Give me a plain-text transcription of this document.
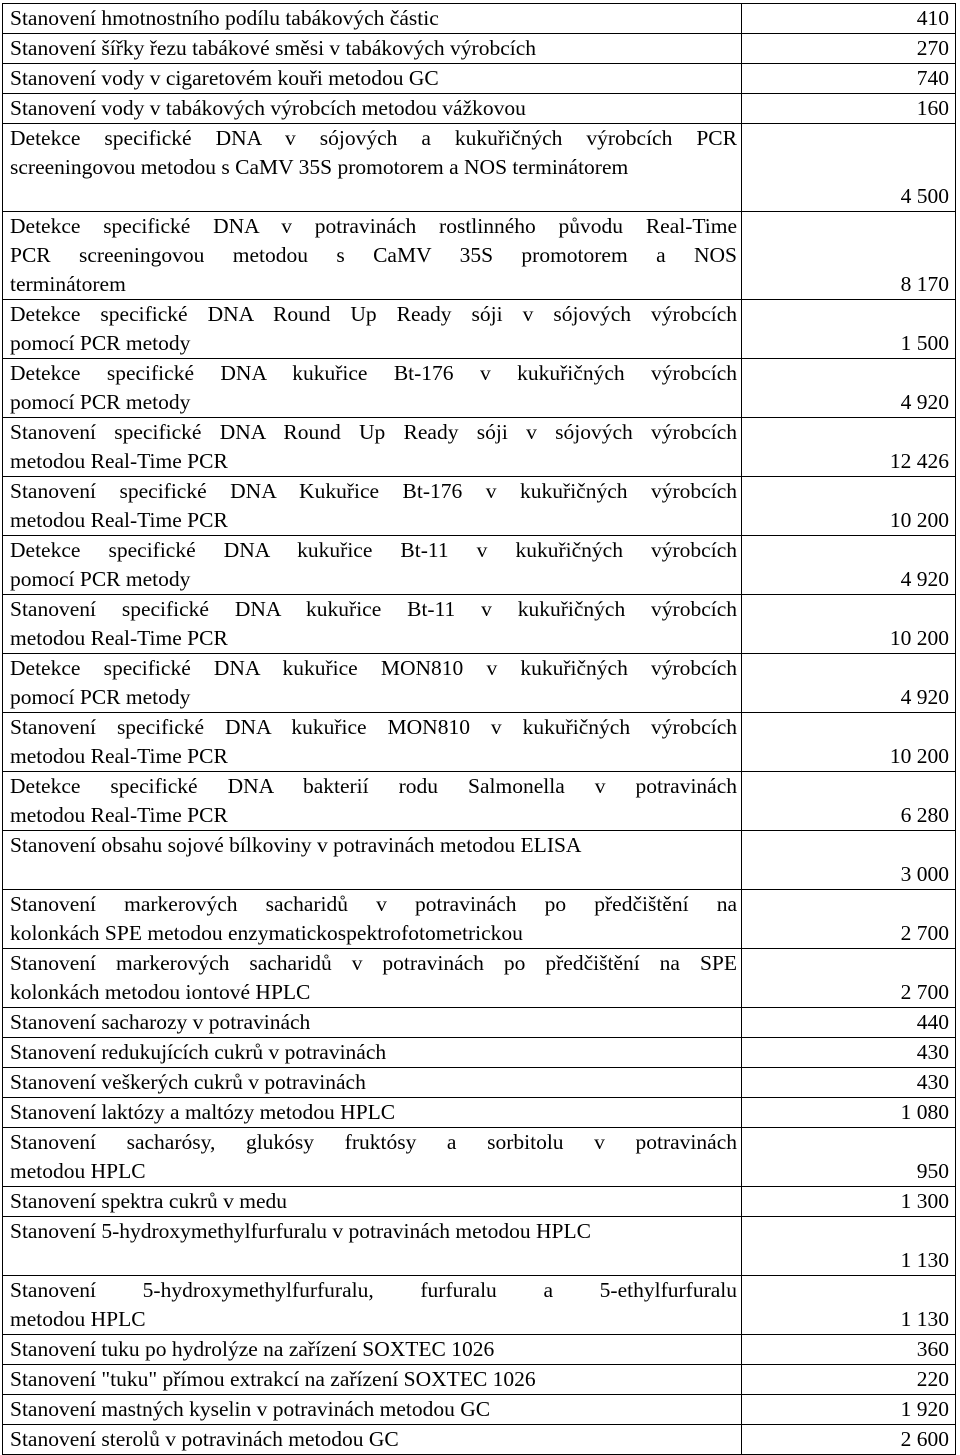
Stanovení hmotnostního podílu tabákových částic	410
Stanovení šířky řezu tabákové směsi v tabákových výrobcích	270
Stanovení vody v cigaretovém kouři metodou GC	740
Stanovení vody v tabákových výrobcích metodou vážkovou	160

Detekce specifické DNA v sójových a kukuřičných výrobcích PCR
screeningovou metodou s CaMV 35S promotorem a NOS terminátorem	4 500

Detekce specifické DNA v potravinách rostlinného původu Real-Time
PCR screeningovou metodou s CaMV 35S promotorem a NOS
terminátorem	8 170

Detekce specifické DNA Round Up Ready sóji v sójových výrobcích
pomocí PCR metody	1 500

Detekce specifické DNA kukuřice Bt-176 v kukuřičných výrobcích
pomocí PCR metody	4 920

Stanovení specifické DNA Round Up Ready sóji v sójových výrobcích
metodou Real-Time PCR	12 426

Stanovení specifické DNA Kukuřice Bt-176 v kukuřičných výrobcích
metodou Real-Time PCR	10 200

Detekce specifické DNA kukuřice Bt-11 v kukuřičných výrobcích
pomocí PCR metody	4 920

Stanovení specifické DNA kukuřice Bt-11 v kukuřičných výrobcích
metodou Real-Time PCR	10 200

Detekce specifické DNA kukuřice MON810 v kukuřičných výrobcích
pomocí PCR metody	4 920

Stanovení specifické DNA kukuřice MON810 v kukuřičných výrobcích
metodou Real-Time PCR	10 200

Detekce specifické DNA bakterií rodu Salmonella v potravinách
metodou Real-Time PCR	6 280
Stanovení obsahu sojové bílkoviny v potravinách metodou ELISA	3 000

Stanovení markerových sacharidů v potravinách po předčištění na
kolonkách SPE metodou enzymatickospektrofotometrickou	2 700

Stanovení markerových sacharidů v potravinách po předčištění na SPE
kolonkách metodou iontové HPLC	2 700
Stanovení sacharozy v potravinách	440
Stanovení redukujících cukrů v potravinách	430
Stanovení veškerých cukrů v potravinách	430
Stanovení laktózy a maltózy metodou HPLC	1 080

Stanovení sacharósy, glukósy fruktósy a sorbitolu v potravinách
metodou HPLC	950
Stanovení spektra cukrů v medu	1 300
Stanovení 5-hydroxymethylfurfuralu v potravinách metodou HPLC	1 130

Stanovení 5-hydroxymethylfurfuralu, furfuralu a 5-ethylfurfuralu
metodou HPLC	1 130
Stanovení tuku po hydrolýze na zařízení SOXTEC 1026	360
Stanovení "tuku" přímou extrakcí na zařízení SOXTEC 1026	220
Stanovení mastných kyselin v potravinách metodou GC	1 920
Stanovení sterolů v potravinách metodou GC	2 600
